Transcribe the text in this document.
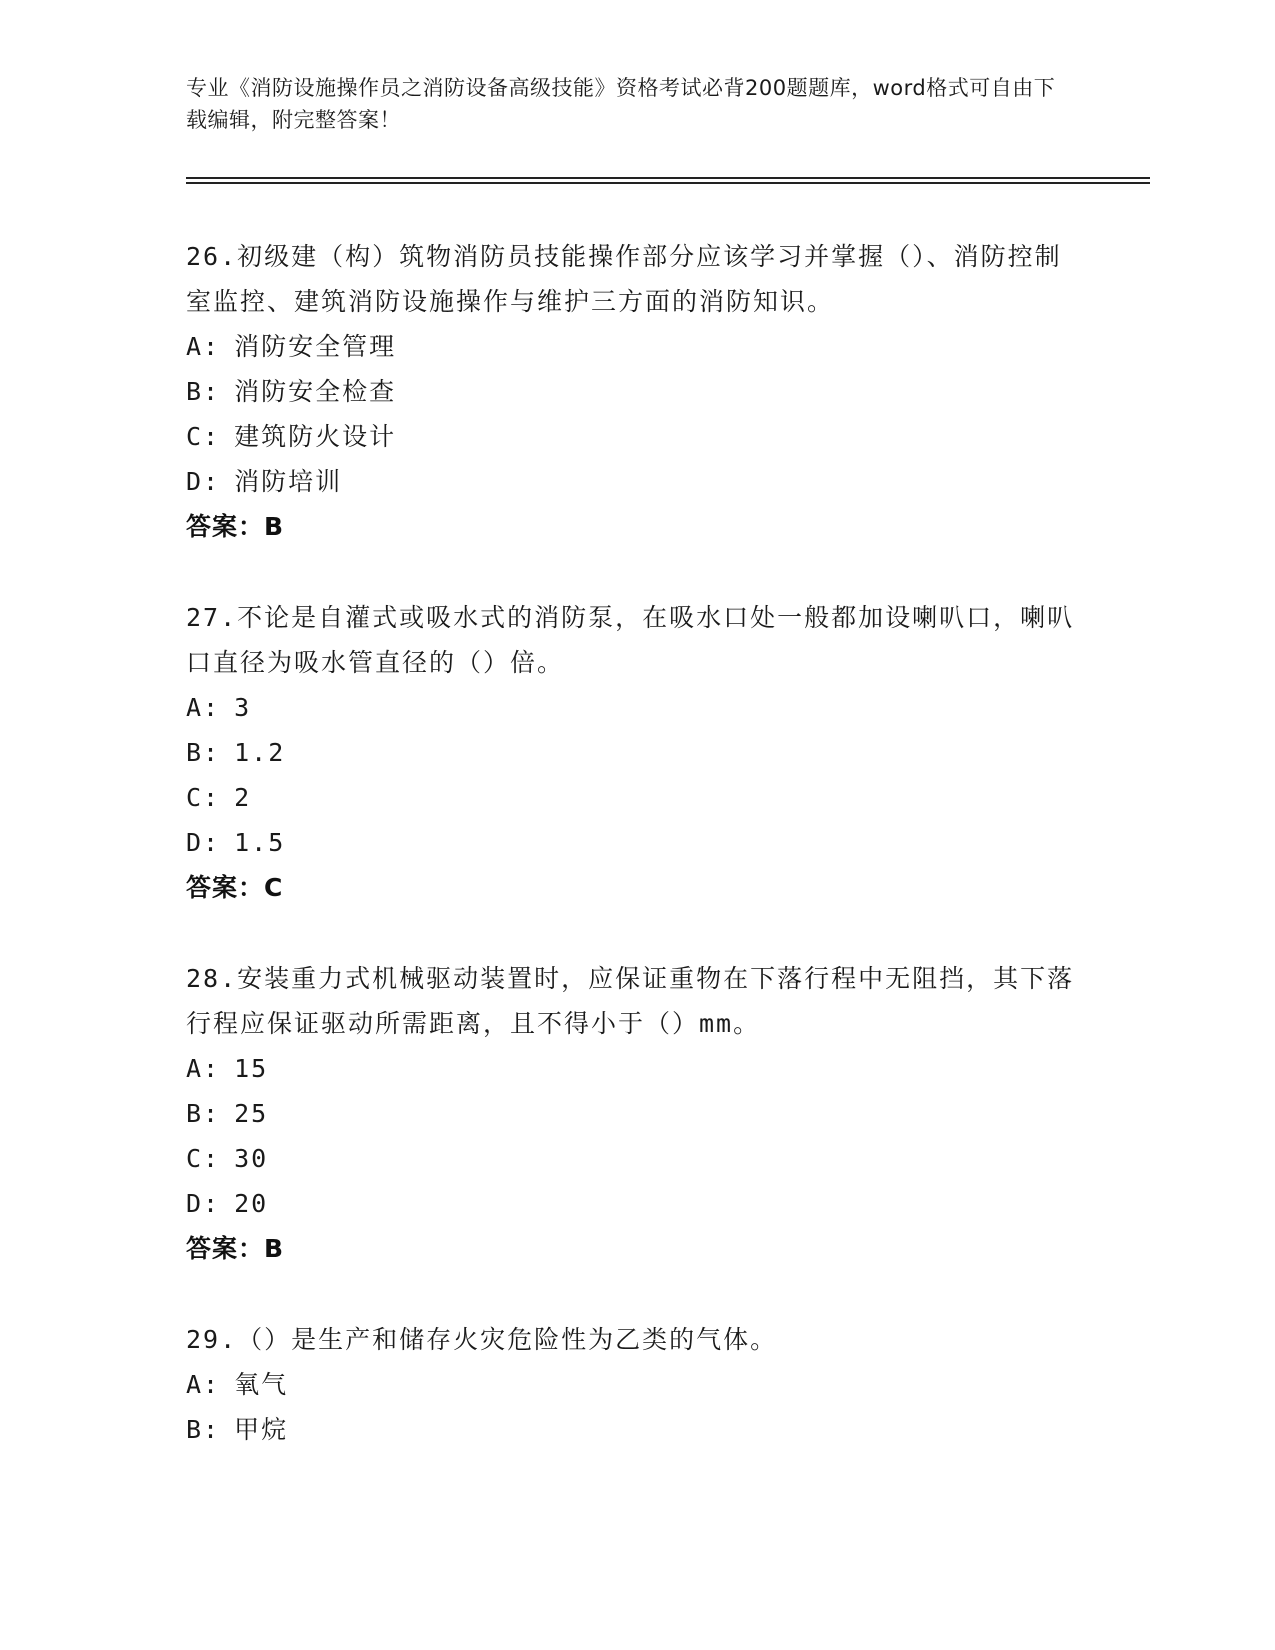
专业《消防设施操作员之消防设备高级技能》资格考试必背200题题库，word格式可自由下载编辑，附完整答案！
26.初级建（构）筑物消防员技能操作部分应该学习并掌握（）、消防控制室监控、建筑消防设施操作与维护三方面的消防知识。
A: 消防安全管理
B: 消防安全检查
C: 建筑防火设计
D: 消防培训
答案：B
27.不论是自灌式或吸水式的消防泵，在吸水口处一般都加设喇叭口，喇叭口直径为吸水管直径的（）倍。
A: 3
B: 1.2
C: 2
D: 1.5
答案：C
28.安装重力式机械驱动装置时，应保证重物在下落行程中无阻挡，其下落行程应保证驱动所需距离，且不得小于（）mm。
A: 15
B: 25
C: 30
D: 20
答案：B
29.（）是生产和储存火灾危险性为乙类的气体。
A: 氧气
B: 甲烷
